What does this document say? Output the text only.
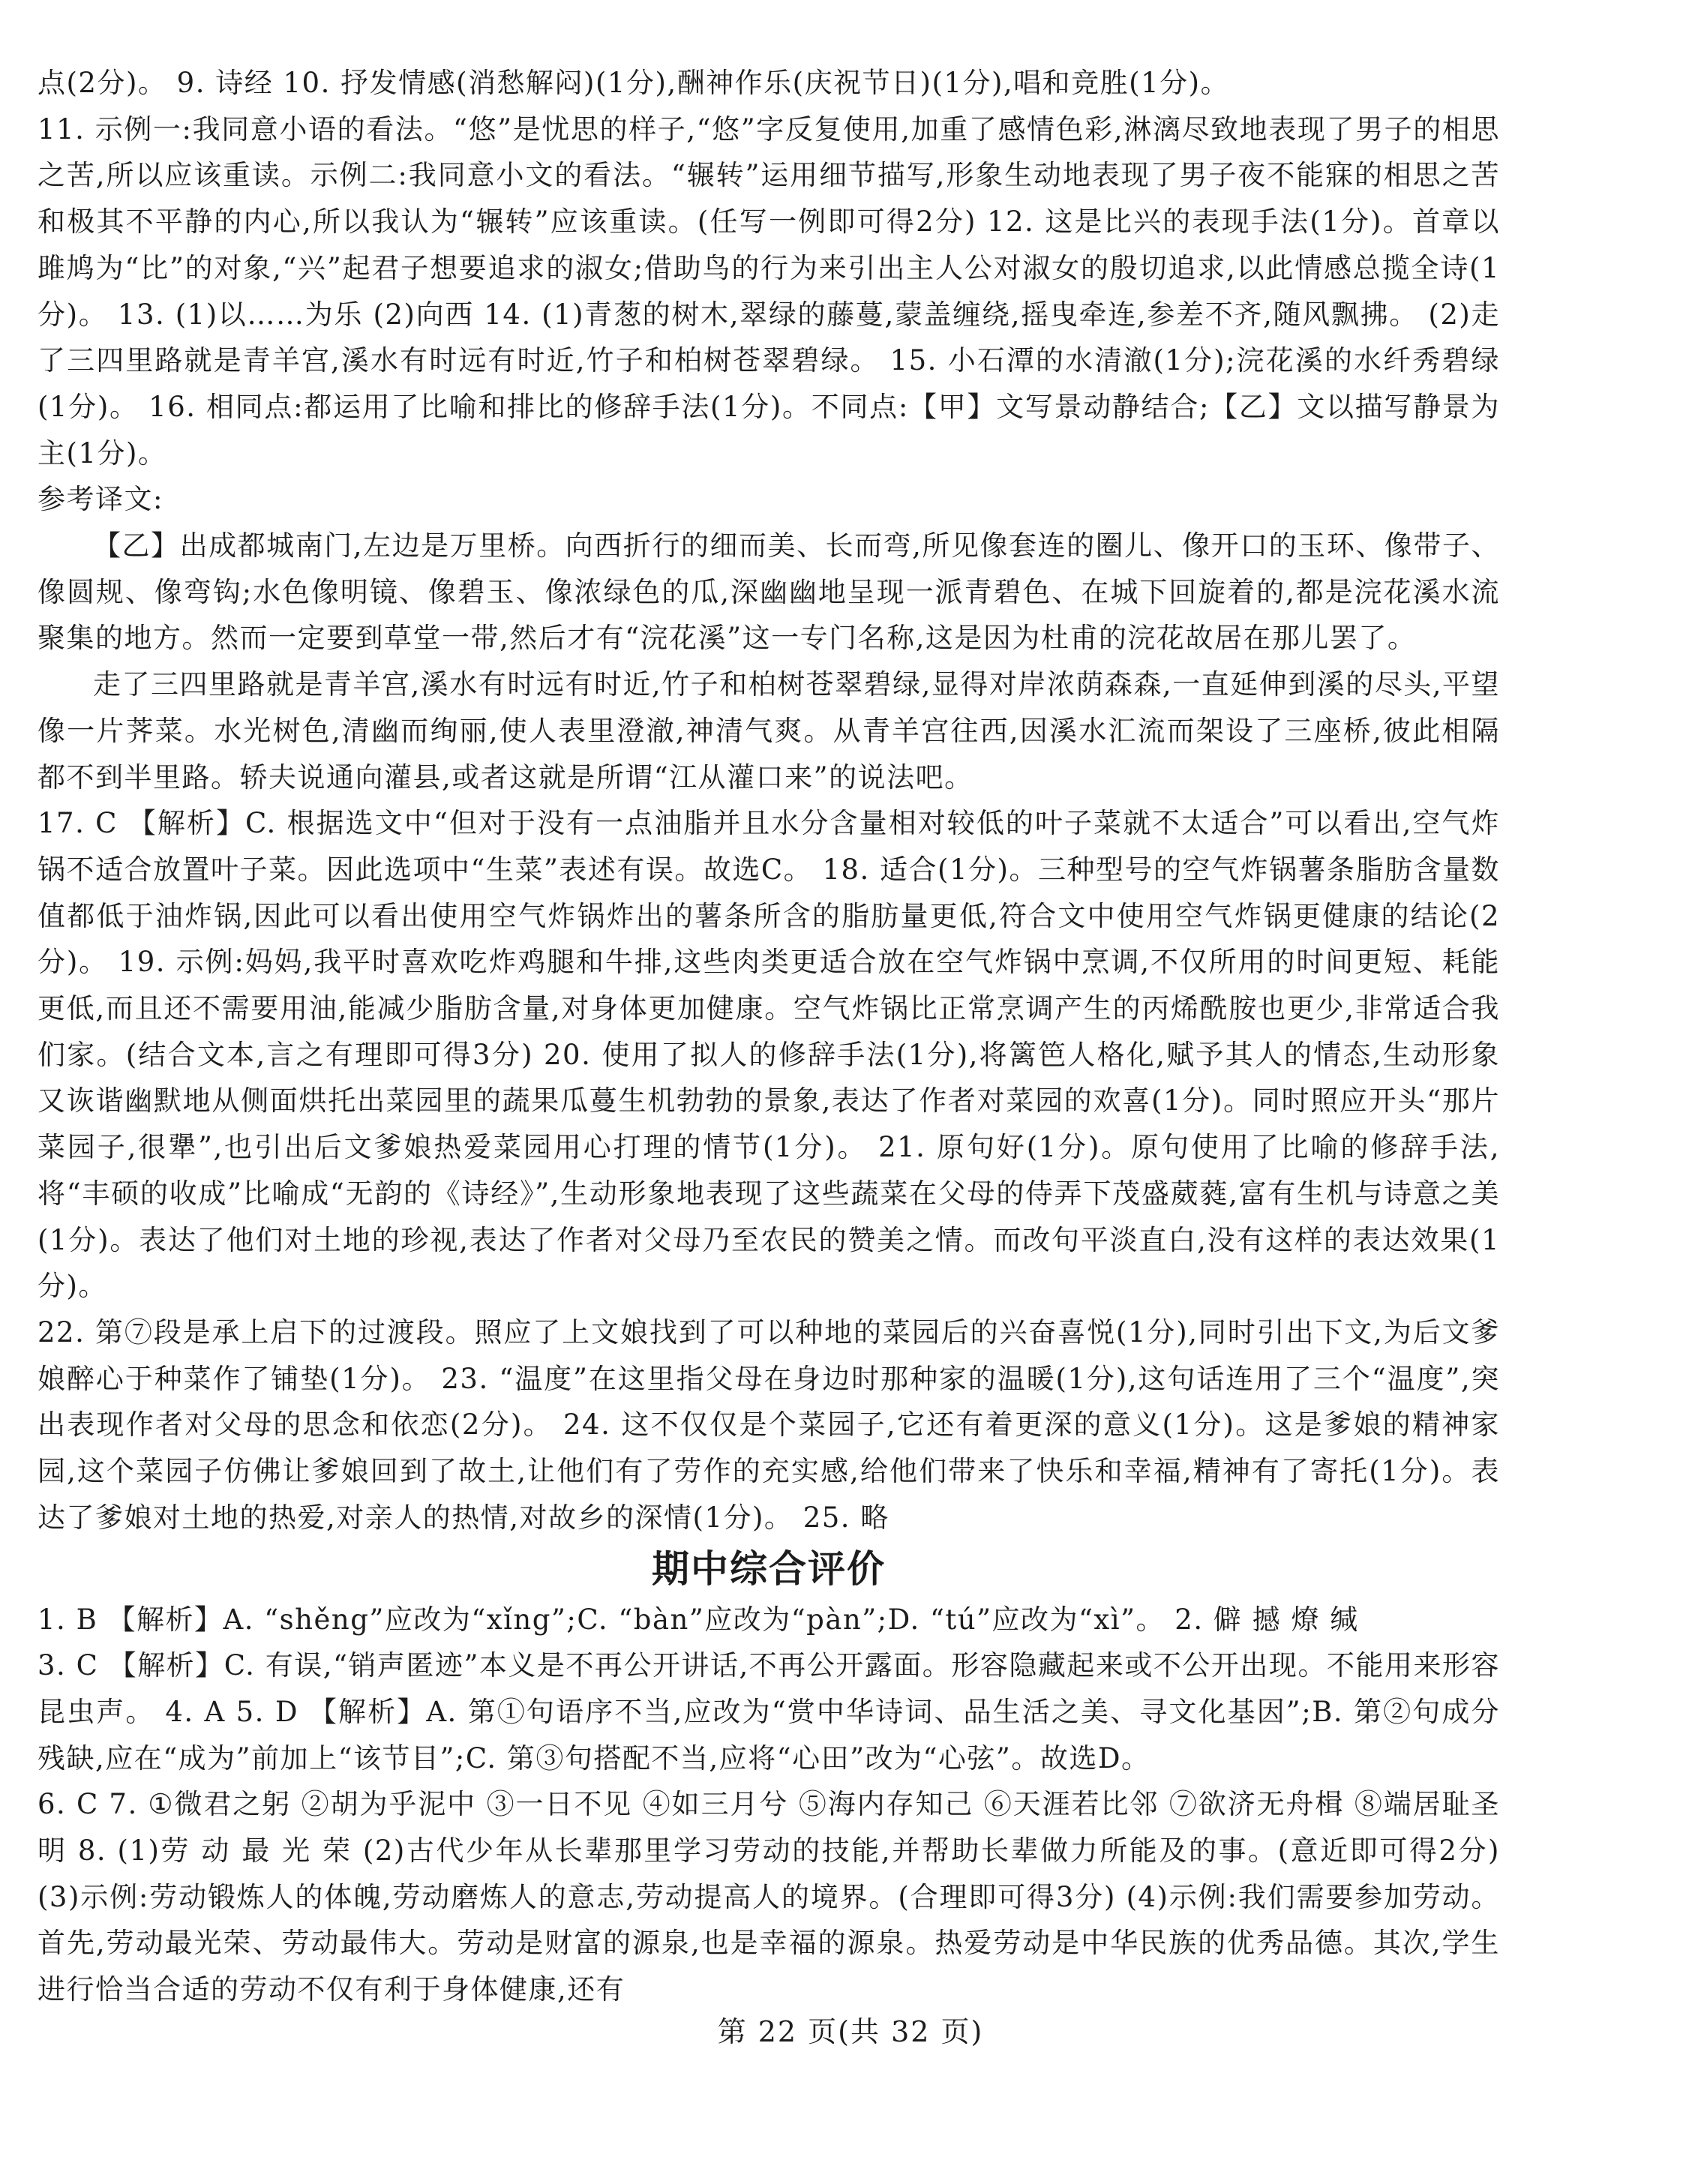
点(2分)。 9. 诗经 10. 抒发情感(消愁解闷)(1分),酬神作乐(庆祝节日)(1分),唱和竞胜(1分)。

11. 示例一:我同意小语的看法。“悠”是忧思的样子,“悠”字反复使用,加重了感情色彩,淋漓尽致地表现了男子的相思之苦,所以应该重读。示例二:我同意小文的看法。“辗转”运用细节描写,形象生动地表现了男子夜不能寐的相思之苦和极其不平静的内心,所以我认为“辗转”应该重读。(任写一例即可得2分) 12. 这是比兴的表现手法(1分)。首章以雎鸠为“比”的对象,“兴”起君子想要追求的淑女;借助鸟的行为来引出主人公对淑女的殷切追求,以此情感总揽全诗(1分)。 13. (1)以……为乐 (2)向西 14. (1)青葱的树木,翠绿的藤蔓,蒙盖缠绕,摇曳牵连,参差不齐,随风飘拂。 (2)走了三四里路就是青羊宫,溪水有时远有时近,竹子和柏树苍翠碧绿。 15. 小石潭的水清澈(1分);浣花溪的水纤秀碧绿(1分)。 16. 相同点:都运用了比喻和排比的修辞手法(1分)。不同点:【甲】文写景动静结合;【乙】文以描写静景为主(1分)。

参考译文:

【乙】出成都城南门,左边是万里桥。向西折行的细而美、长而弯,所见像套连的圈儿、像开口的玉环、像带子、像圆规、像弯钩;水色像明镜、像碧玉、像浓绿色的瓜,深幽幽地呈现一派青碧色、在城下回旋着的,都是浣花溪水流聚集的地方。然而一定要到草堂一带,然后才有“浣花溪”这一专门名称,这是因为杜甫的浣花故居在那儿罢了。

走了三四里路就是青羊宫,溪水有时远有时近,竹子和柏树苍翠碧绿,显得对岸浓荫森森,一直延伸到溪的尽头,平望像一片荠菜。水光树色,清幽而绚丽,使人表里澄澈,神清气爽。从青羊宫往西,因溪水汇流而架设了三座桥,彼此相隔都不到半里路。轿夫说通向灌县,或者这就是所谓“江从灌口来”的说法吧。

17. C 【解析】C. 根据选文中“但对于没有一点油脂并且水分含量相对较低的叶子菜就不太适合”可以看出,空气炸锅不适合放置叶子菜。因此选项中“生菜”表述有误。故选C。 18. 适合(1分)。三种型号的空气炸锅薯条脂肪含量数值都低于油炸锅,因此可以看出使用空气炸锅炸出的薯条所含的脂肪量更低,符合文中使用空气炸锅更健康的结论(2分)。 19. 示例:妈妈,我平时喜欢吃炸鸡腿和牛排,这些肉类更适合放在空气炸锅中烹调,不仅所用的时间更短、耗能更低,而且还不需要用油,能减少脂肪含量,对身体更加健康。空气炸锅比正常烹调产生的丙烯酰胺也更少,非常适合我们家。(结合文本,言之有理即可得3分) 20. 使用了拟人的修辞手法(1分),将篱笆人格化,赋予其人的情态,生动形象又诙谐幽默地从侧面烘托出菜园里的蔬果瓜蔓生机勃勃的景象,表达了作者对菜园的欢喜(1分)。同时照应开头“那片菜园子,很犟”,也引出后文爹娘热爱菜园用心打理的情节(1分)。 21. 原句好(1分)。原句使用了比喻的修辞手法,将“丰硕的收成”比喻成“无韵的《诗经》”,生动形象地表现了这些蔬菜在父母的侍弄下茂盛葳蕤,富有生机与诗意之美(1分)。表达了他们对土地的珍视,表达了作者对父母乃至农民的赞美之情。而改句平淡直白,没有这样的表达效果(1分)。

22. 第⑦段是承上启下的过渡段。照应了上文娘找到了可以种地的菜园后的兴奋喜悦(1分),同时引出下文,为后文爹娘醉心于种菜作了铺垫(1分)。 23. “温度”在这里指父母在身边时那种家的温暖(1分),这句话连用了三个“温度”,突出表现作者对父母的思念和依恋(2分)。 24. 这不仅仅是个菜园子,它还有着更深的意义(1分)。这是爹娘的精神家园,这个菜园子仿佛让爹娘回到了故土,让他们有了劳作的充实感,给他们带来了快乐和幸福,精神有了寄托(1分)。表达了爹娘对土地的热爱,对亲人的热情,对故乡的深情(1分)。 25. 略

期中综合评价

1. B 【解析】A. “shěng”应改为“xǐng”;C. “bàn”应改为“pàn”;D. “tú”应改为“xì”。 2. 僻 撼 燎 缄

3. C 【解析】C. 有误,“销声匿迹”本义是不再公开讲话,不再公开露面。形容隐藏起来或不公开出现。不能用来形容昆虫声。 4. A 5. D 【解析】A. 第①句语序不当,应改为“赏中华诗词、品生活之美、寻文化基因”;B. 第②句成分残缺,应在“成为”前加上“该节目”;C. 第③句搭配不当,应将“心田”改为“心弦”。故选D。

6. C 7. ①微君之躬 ②胡为乎泥中 ③一日不见 ④如三月兮 ⑤海内存知己 ⑥天涯若比邻 ⑦欲济无舟楫 ⑧端居耻圣明 8. (1)劳 动 最 光 荣 (2)古代少年从长辈那里学习劳动的技能,并帮助长辈做力所能及的事。(意近即可得2分) (3)示例:劳动锻炼人的体魄,劳动磨炼人的意志,劳动提高人的境界。(合理即可得3分) (4)示例:我们需要参加劳动。首先,劳动最光荣、劳动最伟大。劳动是财富的源泉,也是幸福的源泉。热爱劳动是中华民族的优秀品德。其次,学生进行恰当合适的劳动不仅有利于身体健康,还有

第 22 页(共 32 页)
